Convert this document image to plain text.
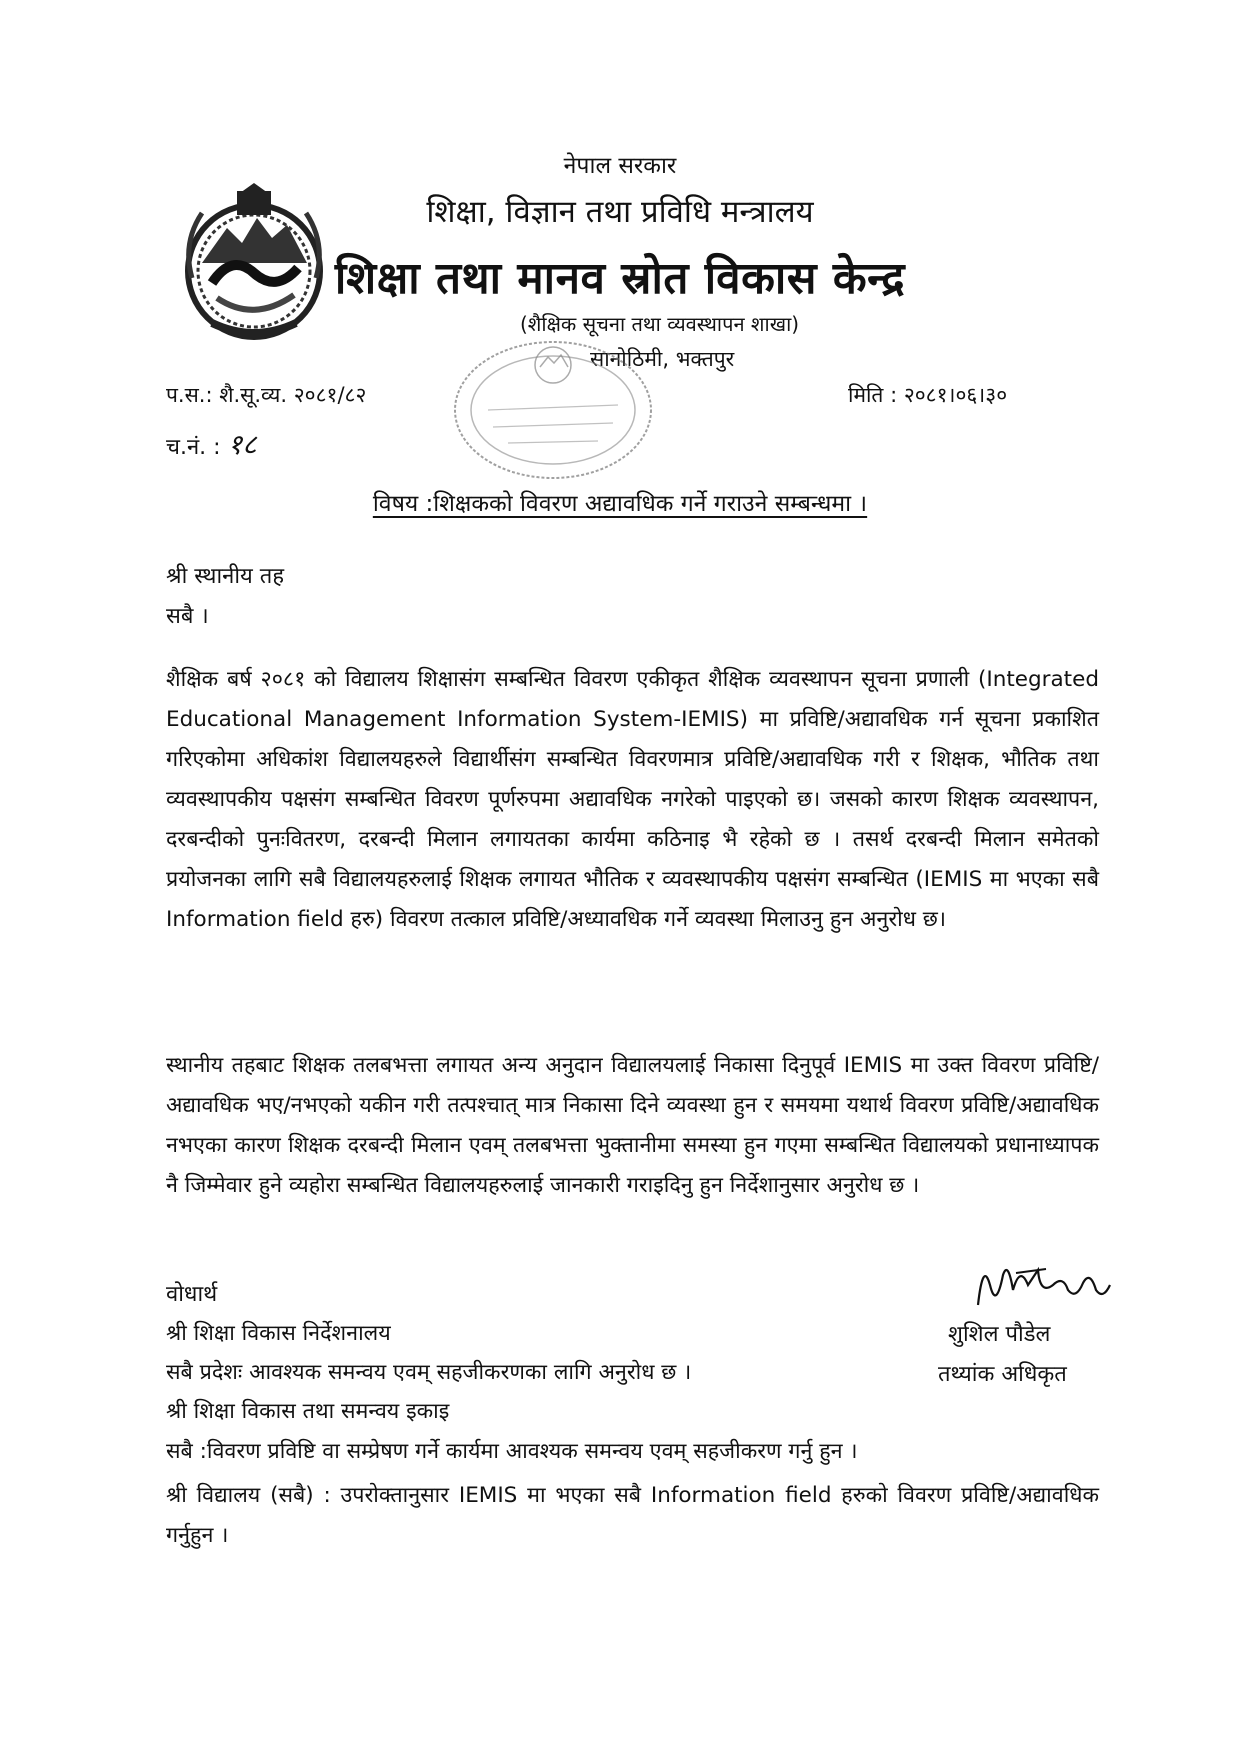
नेपाल सरकार
शिक्षा, विज्ञान तथा प्रविधि मन्त्रालय
शिक्षा तथा मानव स्रोत विकास केन्द्र
(शैक्षिक सूचना तथा व्यवस्थापन शाखा)
सानोठिमी, भक्तपुर
प.स.: शै.सू.व्य. २०८१/८२
च.नं. : १८
मिति : २०८१।०६।३०
विषय :शिक्षकको विवरण अद्यावधिक गर्ने गराउने सम्बन्धमा ।
श्री स्थानीय तह
सबै ।

शैक्षिक बर्ष २०८१ को विद्यालय शिक्षासंग सम्बन्धित विवरण एकीकृत शैक्षिक व्यवस्थापन सूचना प्रणाली (Integrated Educational Management Information System-IEMIS) मा प्रविष्टि/अद्यावधिक गर्न सूचना प्रकाशित गरिएकोमा अधिकांश विद्यालयहरुले विद्यार्थीसंग सम्बन्धित विवरणमात्र प्रविष्टि/अद्यावधिक गरी र शिक्षक, भौतिक तथा व्यवस्थापकीय पक्षसंग सम्बन्धित विवरण पूर्णरुपमा अद्यावधिक नगरेको पाइएको छ। जसको कारण शिक्षक व्यवस्थापन, दरबन्दीको पुनःवितरण, दरबन्दी मिलान लगायतका कार्यमा कठिनाइ भै रहेको छ । तसर्थ दरबन्दी मिलान समेतको प्रयोजनका लागि सबै विद्यालयहरुलाई शिक्षक लगायत भौतिक र व्यवस्थापकीय पक्षसंग सम्बन्धित (IEMIS मा भएका सबै Information field हरु) विवरण तत्काल प्रविष्टि/अध्यावधिक गर्ने व्यवस्था मिलाउनु हुन अनुरोध छ।

स्थानीय तहबाट शिक्षक तलबभत्ता लगायत अन्य अनुदान विद्यालयलाई निकासा दिनुपूर्व IEMIS मा उक्त विवरण प्रविष्टि/अद्यावधिक भए/नभएको यकीन गरी तत्पश्चात् मात्र निकासा दिने व्यवस्था हुन र समयमा यथार्थ विवरण प्रविष्टि/अद्यावधिक नभएका कारण शिक्षक दरबन्दी मिलान एवम् तलबभत्ता भुक्तानीमा समस्या हुन गएमा सम्बन्धित विद्यालयको प्रधानाध्यापक नै जिम्मेवार हुने व्यहोरा सम्बन्धित विद्यालयहरुलाई जानकारी गराइदिनु हुन निर्देशानुसार अनुरोध छ ।

शुशिल पौडेल
तथ्यांक अधिकृत
वोधार्थ
श्री शिक्षा विकास निर्देशनालय
सबै प्रदेशः आवश्यक समन्वय एवम् सहजीकरणका लागि अनुरोध छ ।
श्री शिक्षा विकास तथा समन्वय इकाइ
सबै :विवरण प्रविष्टि वा सम्प्रेषण गर्ने कार्यमा आवश्यक समन्वय एवम् सहजीकरण गर्नु हुन ।
श्री विद्यालय (सबै) : उपरोक्तानुसार IEMIS मा भएका सबै Information field हरुको विवरण प्रविष्टि/अद्यावधिक गर्नुहुन ।
